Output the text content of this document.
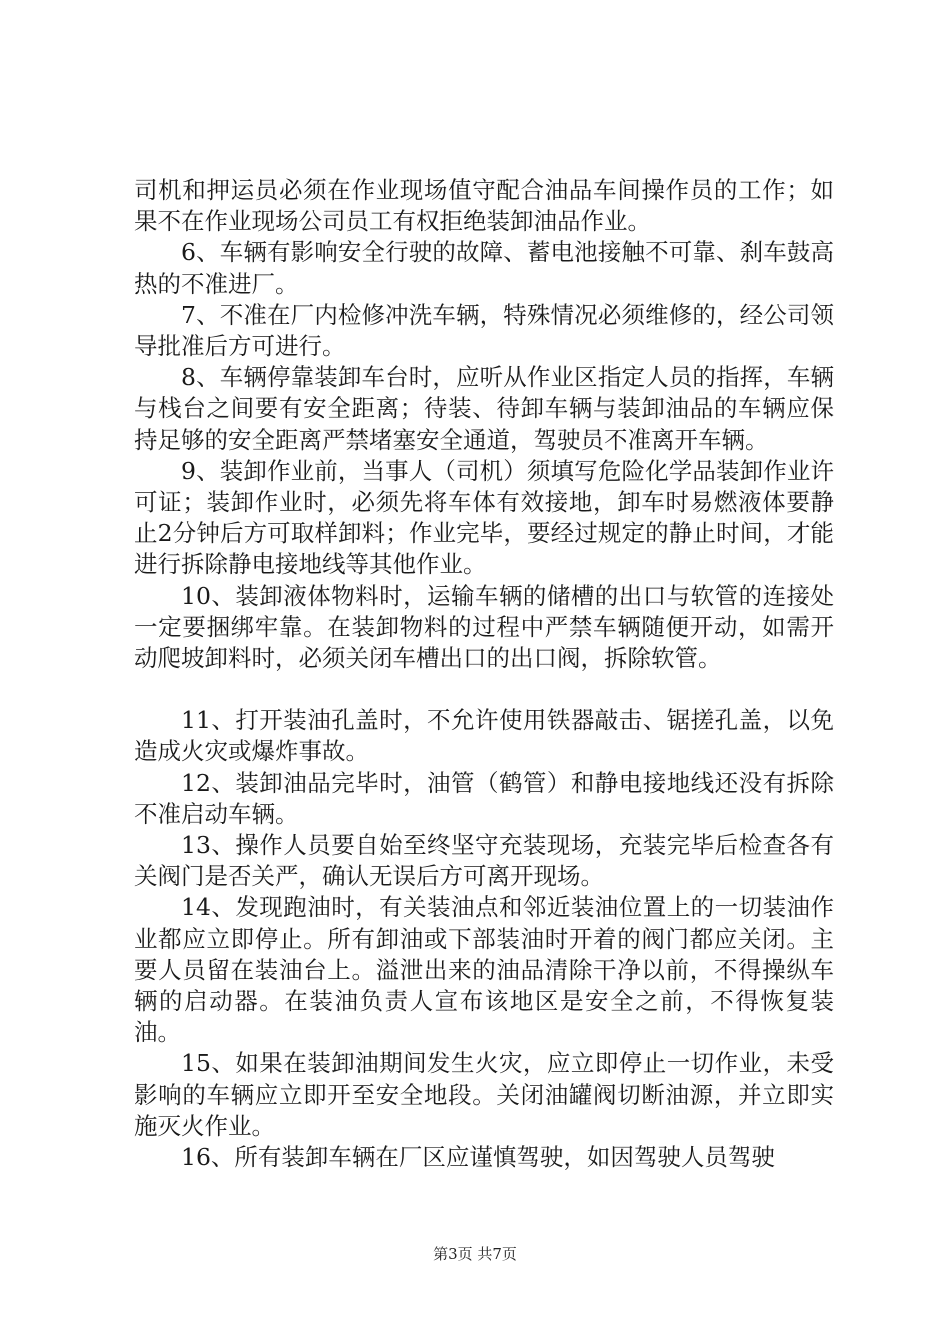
司机和押运员必须在作业现场值守配合油品车间操作员的工作；如果不在作业现场公司员工有权拒绝装卸油品作业。

6、车辆有影响安全行驶的故障、蓄电池接触不可靠、刹车鼓高热的不准进厂。

7、不准在厂内检修冲洗车辆，特殊情况必须维修的，经公司领导批准后方可进行。

8、车辆停靠装卸车台时，应听从作业区指定人员的指挥，车辆与栈台之间要有安全距离；待装、待卸车辆与装卸油品的车辆应保持足够的安全距离严禁堵塞安全通道，驾驶员不准离开车辆。

9、装卸作业前，当事人（司机）须填写危险化学品装卸作业许可证；装卸作业时，必须先将车体有效接地，卸车时易燃液体要静止2分钟后方可取样卸料；作业完毕，要经过规定的静止时间，才能进行拆除静电接地线等其他作业。

10、装卸液体物料时，运输车辆的储槽的出口与软管的连接处一定要捆绑牢靠。在装卸物料的过程中严禁车辆随便开动，如需开动爬坡卸料时，必须关闭车槽出口的出口阀，拆除软管。

11、打开装油孔盖时，不允许使用铁器敲击、锯搓孔盖，以免造成火灾或爆炸事故。

12、装卸油品完毕时，油管（鹤管）和静电接地线还没有拆除不准启动车辆。

13、操作人员要自始至终坚守充装现场，充装完毕后检查各有关阀门是否关严，确认无误后方可离开现场。

14、发现跑油时，有关装油点和邻近装油位置上的一切装油作业都应立即停止。所有卸油或下部装油时开着的阀门都应关闭。主要人员留在装油台上。溢泄出来的油品清除干净以前，不得操纵车辆的启动器。在装油负责人宣布该地区是安全之前，不得恢复装油。

15、如果在装卸油期间发生火灾，应立即停止一切作业，未受影响的车辆应立即开至安全地段。关闭油罐阀切断油源，并立即实施灭火作业。

16、所有装卸车辆在厂区应谨慎驾驶，如因驾驶人员驾驶

第3页 共7页
